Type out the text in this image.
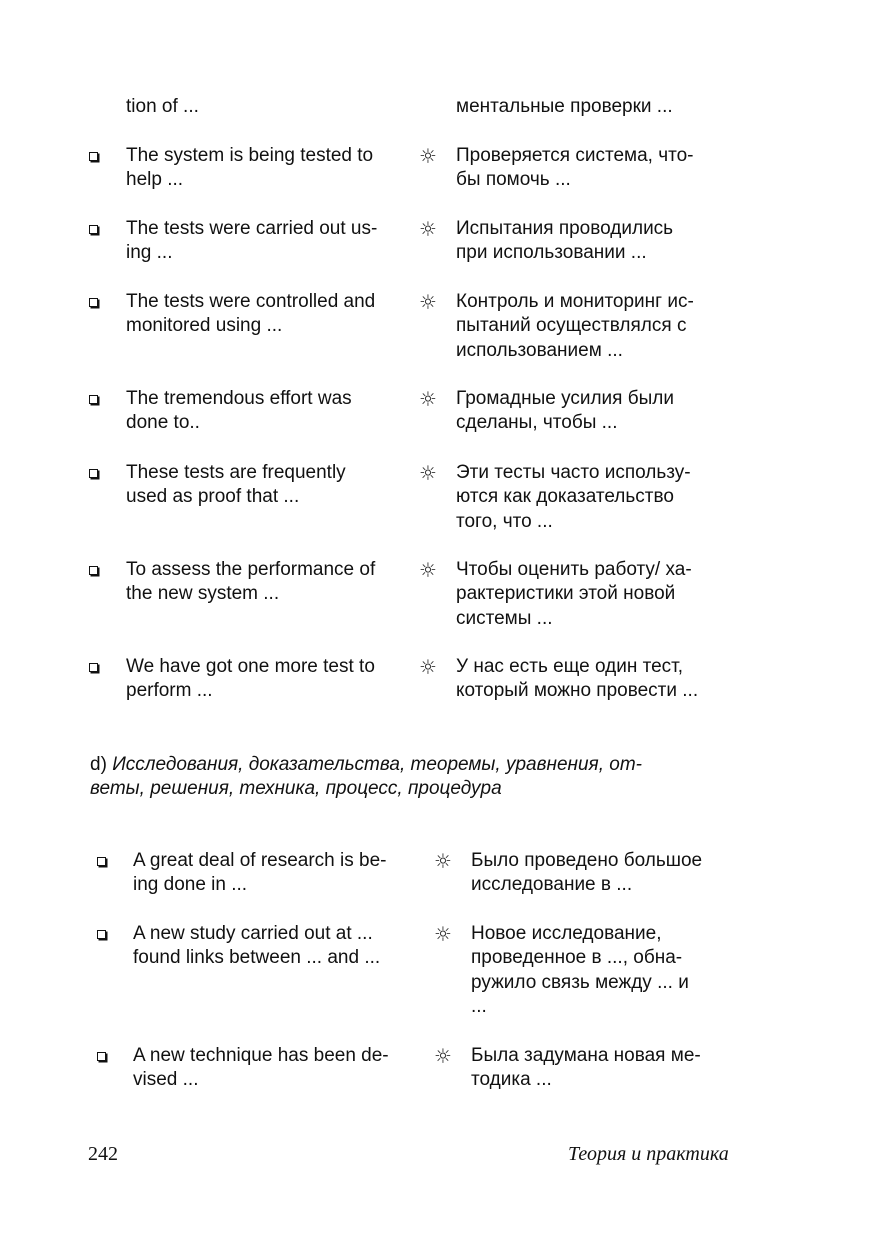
tion of ...	ментальные проверки ...
The system is being tested to
help ...
☼ Проверяется система, что-
бы помочь ...
The tests were carried out us-
ing ...
☼ Испытания проводились
при использовании ...
The tests were controlled and
monitored using ...
☼ Контроль и мониторинг ис-
пытаний осуществлялся с
использованием ...
The tremendous effort was
done to..
☼ Громадные усилия были
сделаны, чтобы ...
These tests are frequently
used as proof that ...
☼ Эти тесты часто использу-
ются как доказательство
того, что ...
To assess the performance of
the new system ...
☼ Чтобы оценить работу/ ха-
рактеристики этой новой
системы ...
We have got one more test to
perform ...
☼ У нас есть еще один тест,
который можно провести ...
d) Исследования, доказательства, теоремы, уравнения, от-
веты, решения, техника, процесс, процедура
A great deal of research is be-
ing done in ...
☼ Было проведено большое
исследование в ...
A new study carried out at ...
found links between ... and ...
☼ Новое исследование,
проведенное в ..., обна-
ружило связь между ... и
...
A new technique has been de-
vised ...
☼ Была задумана новая ме-
тодика ...
242	Теория и практика
